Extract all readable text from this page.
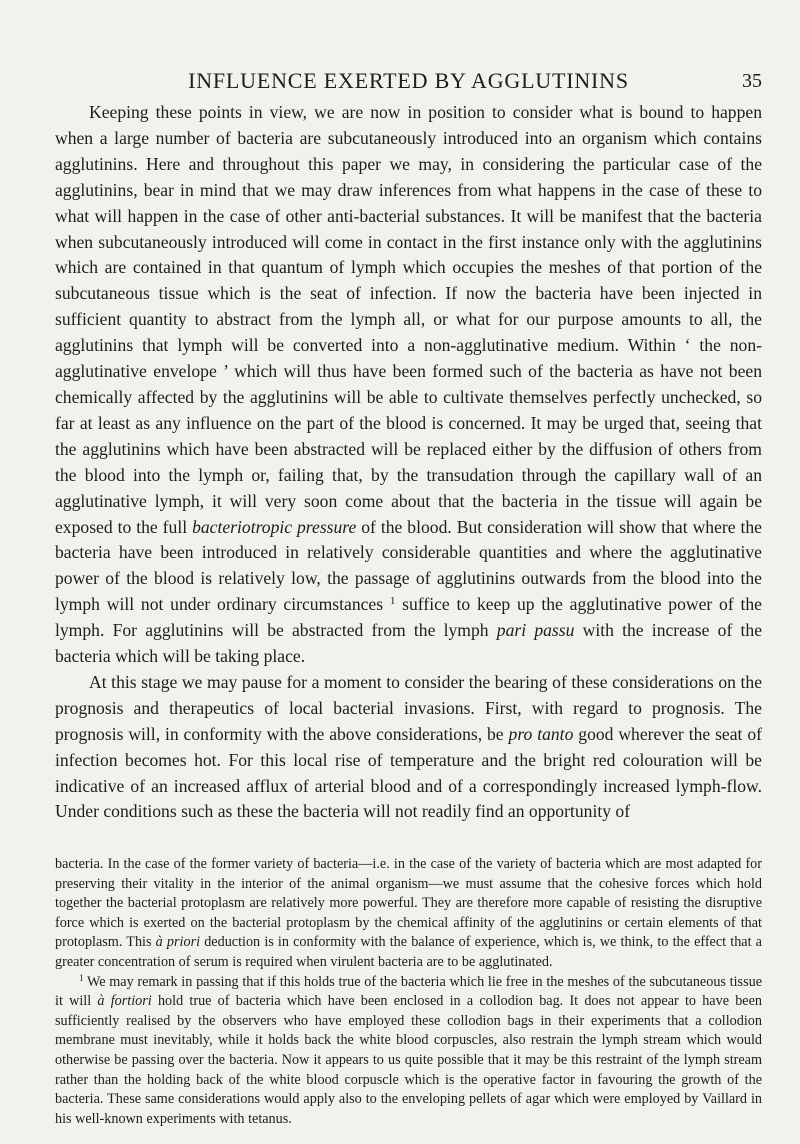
INFLUENCE EXERTED BY AGGLUTININS	35

Keeping these points in view, we are now in position to consider what is bound to happen when a large number of bacteria are subcutaneously introduced into an organism which contains agglutinins. Here and throughout this paper we may, in considering the particular case of the agglutinins, bear in mind that we may draw inferences from what happens in the case of these to what will happen in the case of other anti-bacterial substances. It will be manifest that the bacteria when subcutaneously introduced will come in contact in the first instance only with the agglutinins which are contained in that quantum of lymph which occupies the meshes of that portion of the subcutaneous tissue which is the seat of infection. If now the bacteria have been injected in sufficient quantity to abstract from the lymph all, or what for our purpose amounts to all, the agglutinins that lymph will be converted into a non-agglutinative medium. Within ‘ the non-agglutinative envelope ’ which will thus have been formed such of the bacteria as have not been chemically affected by the agglutinins will be able to cultivate themselves perfectly unchecked, so far at least as any influence on the part of the blood is concerned. It may be urged that, seeing that the agglutinins which have been abstracted will be replaced either by the diffusion of others from the blood into the lymph or, failing that, by the transudation through the capillary wall of an agglutinative lymph, it will very soon come about that the bacteria in the tissue will again be exposed to the full bacteriotropic pressure of the blood. But consideration will show that where the bacteria have been introduced in relatively considerable quantities and where the agglutinative power of the blood is relatively low, the passage of agglutinins outwards from the blood into the lymph will not under ordinary circumstances $^1$ suffice to keep up the agglutinative power of the lymph. For agglutinins will be abstracted from the lymph pari passu with the increase of the bacteria which will be taking place.

At this stage we may pause for a moment to consider the bearing of these considerations on the prognosis and therapeutics of local bacterial invasions. First, with regard to prognosis. The prognosis will, in conformity with the above considerations, be pro tanto good wherever the seat of infection becomes hot. For this local rise of temperature and the bright red colouration will be indicative of an increased afflux of arterial blood and of a correspondingly increased lymph-flow. Under conditions such as these the bacteria will not readily find an opportunity of

bacteria. In the case of the former variety of bacteria—i.e. in the case of the variety of bacteria which are most adapted for preserving their vitality in the interior of the animal organism—we must assume that the cohesive forces which hold together the bacterial protoplasm are relatively more powerful. They are therefore more capable of resisting the disruptive force which is exerted on the bacterial protoplasm by the chemical affinity of the agglutinins or certain elements of that protoplasm. This à priori deduction is in conformity with the balance of experience, which is, we think, to the effect that a greater concentration of serum is required when virulent bacteria are to be agglutinated.

$^1$ We may remark in passing that if this holds true of the bacteria which lie free in the meshes of the subcutaneous tissue it will à fortiori hold true of bacteria which have been enclosed in a collodion bag. It does not appear to have been sufficiently realised by the observers who have employed these collodion bags in their experiments that a collodion membrane must inevitably, while it holds back the white blood corpuscles, also restrain the lymph stream which would otherwise be passing over the bacteria. Now it appears to us quite possible that it may be this restraint of the lymph stream rather than the holding back of the white blood corpuscle which is the operative factor in favouring the growth of the bacteria. These same considerations would apply also to the enveloping pellets of agar which were employed by Vaillard in his well-known experiments with tetanus.
